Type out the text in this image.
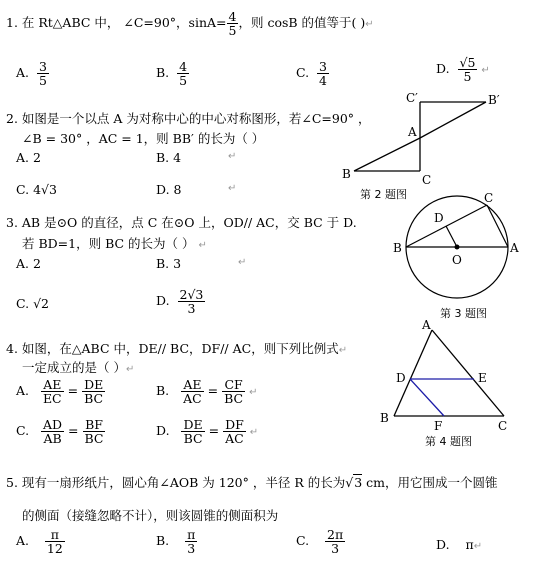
1. 在 Rt△ABC 中， ∠C=90°，$\sin A= \frac{4}{5}$ ，则 cosB 的值等于( )↵
A. $\frac{3}{5}$	B. $\frac{4}{5}$	C. $\frac{3}{4}$	D. $\frac{√5}{5}$ ↵
2. 如图是一个以点 A 为对称中心的中心对称图形，若∠C=90° ，
∠B = 30° ，AC = 1，则 BB′ 的长为（ ）
A. 2	B. 4	↵
C. 4√3	D. 8	↵
C′	B′
A
B	C
第 2 题图
3. AB 是⊙O 的直径，点 C 在⊙O 上，OD// AC，交 BC 于 D.
若 BD=1，则 BC 的长为（ ） ↵
A. 2	B. 3	↵
C. √2	D. $\frac{2√3}{3}$
C
D
B
O
A
第 3 题图
4. 如图，在△ABC 中，DE// BC，DF// AC，则下列比例式↵
一定成立的是（ ）↵
A. $\frac{AE}{EC} = \frac{DE}{BC}$	B. $\frac{AE}{AC} = \frac{CF}{BC}$ ↵
C. $\frac{AD}{AB} = \frac{BF}{BC}$	D. $\frac{DE}{BC} = \frac{DF}{AC}$ ↵
A
D	E
B
F	C
第 4 题图
5. 现有一扇形纸片，圆心角∠AOB 为 120° ，半径 R 的长为√3 cm，用它围成一个圆锥
的侧面（接缝忽略不计），则该圆锥的侧面积为
A. $\frac{\pi}{12}$	B. $\frac{\pi}{3}$	C. $\frac{2\pi}{3}$	D. π↵
